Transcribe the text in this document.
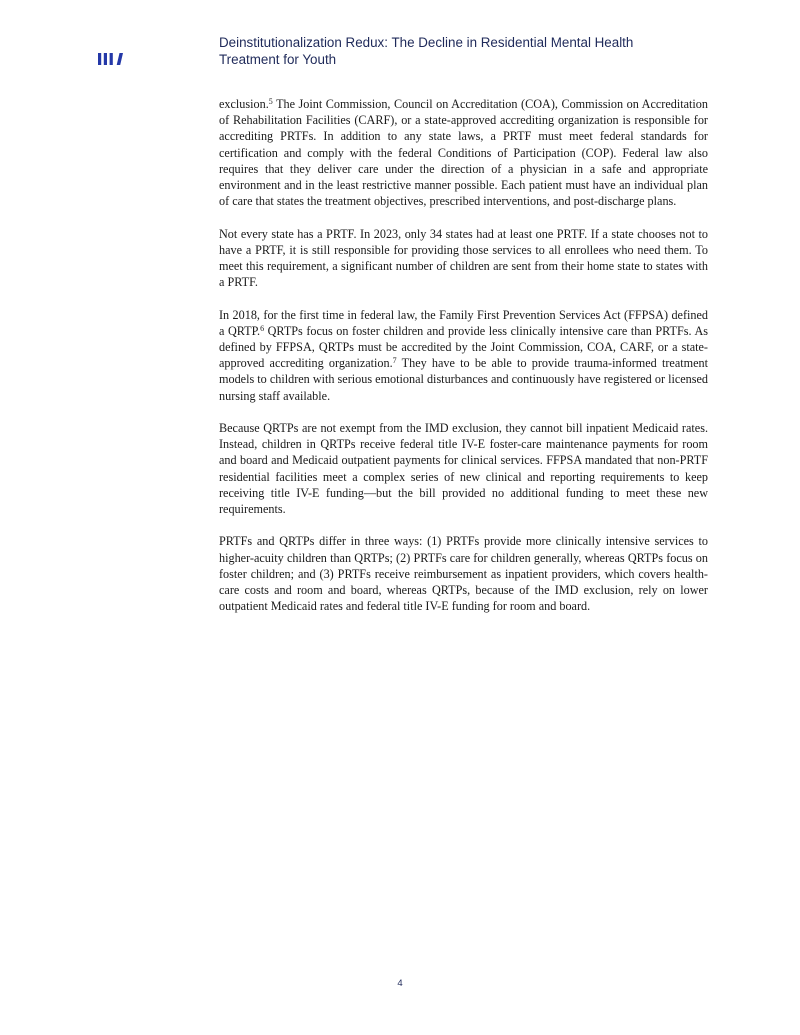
Deinstitutionalization Redux: The Decline in Residential Mental Health
Treatment for Youth

exclusion.$^5$ The Joint Commission, Council on Accreditation (COA), Commission on Accreditation of Rehabilitation Facilities (CARF), or a state-approved accrediting organization is responsible for accrediting PRTFs. In addition to any state laws, a PRTF must meet federal standards for certification and comply with the federal Conditions of Participation (COP). Federal law also requires that they deliver care under the direction of a physician in a safe and appropriate environment and in the least restrictive manner possible. Each patient must have an individual plan of care that states the treatment objectives, prescribed interventions, and post-discharge plans.

Not every state has a PRTF. In 2023, only 34 states had at least one PRTF. If a state chooses not to have a PRTF, it is still responsible for providing those services to all enrollees who need them. To meet this requirement, a significant number of children are sent from their home state to states with a PRTF.

In 2018, for the first time in federal law, the Family First Prevention Services Act (FFPSA) defined a QRTP.$^6$ QRTPs focus on foster children and provide less clinically intensive care than PRTFs. As defined by FFPSA, QRTPs must be accredited by the Joint Commission, COA, CARF, or a state-approved accrediting organization.$^7$ They have to be able to provide trauma-informed treatment models to children with serious emotional disturbances and continuously have registered or licensed nursing staff available.

Because QRTPs are not exempt from the IMD exclusion, they cannot bill inpatient Medicaid rates. Instead, children in QRTPs receive federal title IV-E foster-care maintenance payments for room and board and Medicaid outpatient payments for clinical services. FFPSA mandated that non-PRTF residential facilities meet a complex series of new clinical and reporting requirements to keep receiving title IV-E funding—but the bill provided no additional funding to meet these new requirements.

PRTFs and QRTPs differ in three ways: (1) PRTFs provide more clinically intensive services to higher-acuity children than QRTPs; (2) PRTFs care for children generally, whereas QRTPs focus on foster children; and (3) PRTFs receive reimbursement as inpatient providers, which covers health-care costs and room and board, whereas QRTPs, because of the IMD exclusion, rely on lower outpatient Medicaid rates and federal title IV-E funding for room and board.

4
